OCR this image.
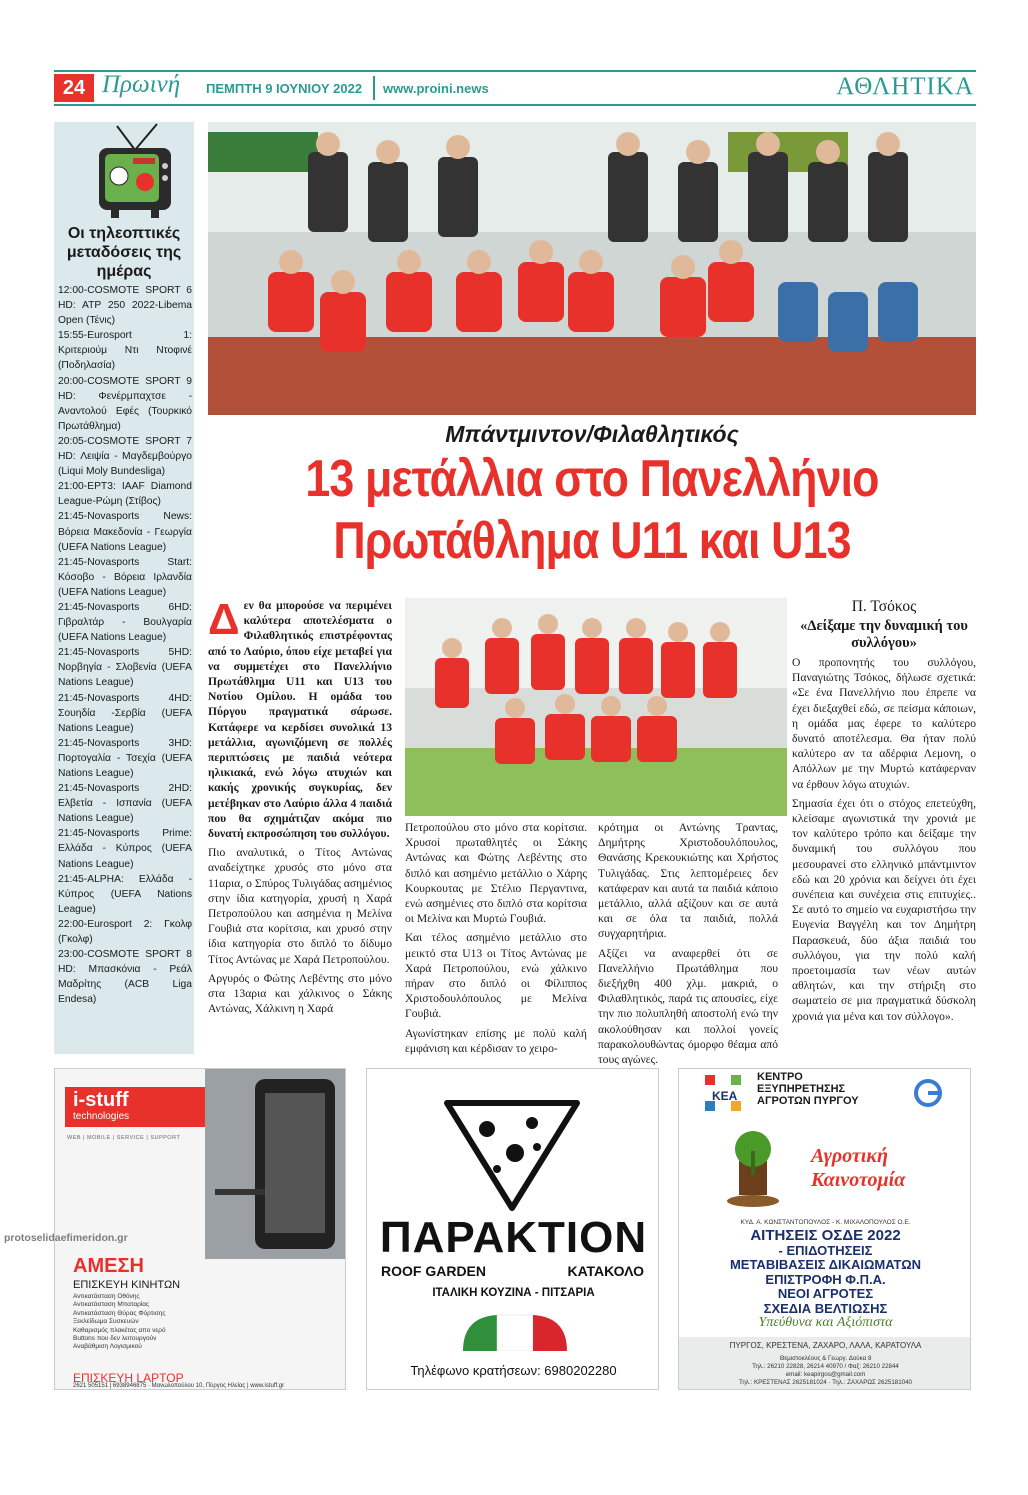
24 Πρωινή ΠΕΜΠΤΗ 9 ΙΟΥΝΙΟΥ 2022 www.proini.news	ΑΘΛΗΤΙΚΑ
Οι τηλεοπτικές μεταδόσεις της ημέρας

12:00-COSMOTE SPORT 6 HD: ATP 250 2022-Libema Open (Τένις)

15:55-Eurosport 1: Κριτεριούμ Ντι Ντοφινέ (Ποδηλασία)

20:00-COSMOTE SPORT 9 HD: Φενέρμπαχτσε - Αναντολού Εφές (Τουρκικό Πρωτάθλημα)

20:05-COSMOTE SPORT 7 HD: Λειψία - Μαγδεμβούργο (Liqui Moly Bundesliga)

21:00-ΕΡΤ3: IAAF Diamond League-Ρώμη (Στίβος)

21:45-Novasports News: Βόρεια Μακεδονία - Γεωργία (UEFA Nations League)

21:45-Novasports Start: Κόσοβο - Βόρεια Ιρλανδία (UEFA Nations League)

21:45-Novasports 6HD: Γιβραλτάρ - Βουλγαρία (UEFA Nations League)

21:45-Novasports 5HD: Νορβηγία - Σλοβενία (UEFA Nations League)

21:45-Novasports 4HD: Σουηδία -Σερβία (UEFA Nations League)

21:45-Novasports 3HD: Πορτογαλία - Τσεχία (UEFA Nations League)

21:45-Novasports 2HD: Ελβετία - Ισπανία (UEFA Nations League)

21:45-Novasports Prime: Ελλάδα - Κύπρος (UEFA Nations League)

21:45-ALPHA: Ελλάδα - Κύπρος (UEFA Nations League)

22:00-Eurosport 2: Γκολφ (Γκολφ)

23:00-COSMOTE SPORT 8 HD: Μπασκόνια - Ρεάλ Μαδρίτης (ACB Liga Endesa)

Μπάντμιντον/Φιλαθλητικός
13 μετάλλια στο Πανελλήνιο
Πρωτάθλημα U11 και U13

Δεν θα μπορούσε να περιμένει καλύτερα αποτελέσματα ο Φιλαθλητικός επιστρέφοντας από το Λαύριο, όπου είχε μεταβεί για να συμμετέχει στο Πανελλήνιο Πρωτάθλημα U11 και U13 του Νοτίου Ομίλου. Η ομάδα του Πύργου πραγματικά σάρωσε. Κατάφερε να κερδίσει συνολικά 13 μετάλλια, αγωνιζόμενη σε πολλές περιπτώσεις με παιδιά νεότερα ηλικιακά, ενώ λόγω ατυχιών και κακής χρονικής συγκυρίας, δεν μετέβηκαν στο Λαύριο άλλα 4 παιδιά που θα σχημάτιζαν ακόμα πιο δυνατή εκπροσώπηση του συλλόγου.

Πιο αναλυτικά, ο Τίτος Αντώνας αναδείχτηκε χρυσός στο μόνο στα 11αρια, ο Σπύρος Τυλιγάδας ασημένιος στην ίδια κατηγορία, χρυσή η Χαρά Πετροπούλου και ασημένια η Μελίνα Γουβιά στα κορίτσια, και χρυσό στην ίδια κατηγορία στο διπλό το δίδυμο Τίτος Αντώνας με Χαρά Πετροπούλου.

Αργυρός ο Φώτης Λεβέντης στο μόνο στα 13αρια και χάλκινος ο Σάκης Αντώνας, Χάλκινη η Χαρά

Πετροπούλου στο μόνο στα κορίτσια. Χρυσοί πρωταθλητές οι Σάκης Αντώνας και Φώτης Λεβέντης στο διπλό και ασημένιο μετάλλιο ο Χάρης Κουρκουτας με Στέλιο Περγαντινα, ενώ ασημένιες στο διπλό στα κορίτσια οι Μελίνα και Μυρτώ Γουβιά.

Και τέλος ασημένιο μετάλλιο στο μεικτό στα U13 οι Τίτος Αντώνας με Χαρά Πετροπούλου, ενώ χάλκινο πήραν στο διπλό οι Φίλιππος Χριστοδουλόπουλος με Μελίνα Γουβιά.

Αγωνίστηκαν επίσης με πολύ καλή εμφάνιση και κέρδισαν το χειρο-

κρότημα οι Αντώνης Τραντας, Δημήτρης Χριστοδουλόπουλος, Θανάσης Κρεκουκιώτης και Χρήστος Τυλιγάδας. Στις λεπτομέρειες δεν κατάφεραν και αυτά τα παιδιά κάποιο μετάλλιο, αλλά αξίζουν και σε αυτά και σε όλα τα παιδιά, πολλά συγχαρητήρια.

Αξίζει να αναφερθεί ότι σε Πανελλήνιο Πρωτάθλημα που διεξήχθη 400 χλμ. μακριά, ο Φιλαθλητικός, παρά τις απουσίες, είχε την πιο πολυπληθή αποστολή ενώ την ακολούθησαν και πολλοί γονείς παρακολουθώντας όμορφο θέαμα από τους αγώνες.

Π. Τσόκος
«Δείξαμε την δυναμική του συλλόγου»

Ο προπονητής του συλλόγου, Παναγιώτης Τσόκος, δήλωσε σχετικά: «Σε ένα Πανελλήνιο που έπρεπε να έχει διεξαχθεί εδώ, σε πείσμα κάποιων, η ομάδα μας έφερε το καλύτερο δυνατό αποτέλεσμα. Θα ήταν πολύ καλύτερο αν τα αδέρφια Λεμονη, ο Απόλλων με την Μυρτώ κατάφερναν να έρθουν λόγω ατυχιών.

Σημασία έχει ότι ο στόχος επετεύχθη, κλείσαμε αγωνιστικά την χρονιά με τον καλύτερο τρόπο και δείξαμε την δυναμική του συλλόγου που μεσουρανεί στο ελληνικό μπάντμιντον εδώ και 20 χρόνια και δείχνει ότι έχει συνέπεια και συνέχεια στις επιτυχίες.. Σε αυτό το σημείο να ευχαριστήσω την Ευγενία Βαγγέλη και τον Δημήτρη Παρασκευά, δύο άξια παιδιά του συλλόγου, για την πολύ καλή προετοιμασία των νέων αυτών αθλητών, και την στήριξη στο σωματείο σε μια πραγματικά δύσκολη χρονιά για μένα και τον σύλλογο».

i-stuff
technologies
WEB | MOBILE | SERVICE | SUPPORT
ΑΜΕΣΗ
ΕΠΙΣΚΕΥΗ ΚΙΝΗΤΩΝ
Αντικατάσταση Οθόνης
Αντικατάσταση Μπαταρίας
Αντικατάσταση Θύρας Φόρτισης
Ξεκλείδωμα Συσκευών
Καθαρισμός πλακέτας απο νερό
Buttons που δεν λειτουργούν
Αναβάθμιση Λογισμικού
ΕΠΙΣΚΕΥΗ LAPTOP
2621 505151 | 6938946875 · Μανωλοπούλου 10, Πύργος Ηλείας | www.istuff.gr
ΠΑΡΑΚΤΙΟΝ
ROOF GARDEN	ΚΑΤΑΚΟΛΟ
ΙΤΑΛΙΚΗ ΚΟΥΖΙΝΑ - ΠΙΤΣΑΡΙΑ
Τηλέφωνο κρατήσεων: 6980202280
ΚΕΑ
ΚΕΝΤΡΟ
ΕΞΥΠΗΡΕΤΗΣΗΣ
ΑΓΡΟΤΩΝ ΠΥΡΓΟΥ
Αγροτική
Καινοτομία
ΚΥΔ. Α. ΚΩΝΣΤΑΝΤΟΠΟΥΛΟΣ - Κ. ΜΙΧΑΛΟΠΟΥΛΟΣ Ο.Ε.
ΑΙΤΗΣΕΙΣ ΟΣΔΕ 2022
- ΕΠΙΔΟΤΗΣΕΙΣ
ΜΕΤΑΒΙΒΑΣΕΙΣ ΔΙΚΑΙΩΜΑΤΩΝ
ΕΠΙΣΤΡΟΦΗ Φ.Π.Α.
ΝΕΟΙ ΑΓΡΟΤΕΣ
ΣΧΕΔΙΑ ΒΕΛΤΙΩΣΗΣ
Υπεύθυνα και Αξιόπιστα
ΠΥΡΓΟΣ, ΚΡΕΣΤΕΝΑ, ΖΑΧΑΡΟ, ΛΑΛΑ, ΚΑΡΑΤΟΥΛΑ
Θεμιστοκλέους & Γεωργ. Δούκα 8
Τηλ.: 26210 22828, 26214 40970 / Φαξ: 26210 22844
email: keapirgos@gmail.com
Τηλ.: ΚΡΕΣΤΕΝΑΣ 2625181024 · Τηλ.: ΖΑΧΑΡΩΣ 2625181040
protoselidaefimeridon.gr
